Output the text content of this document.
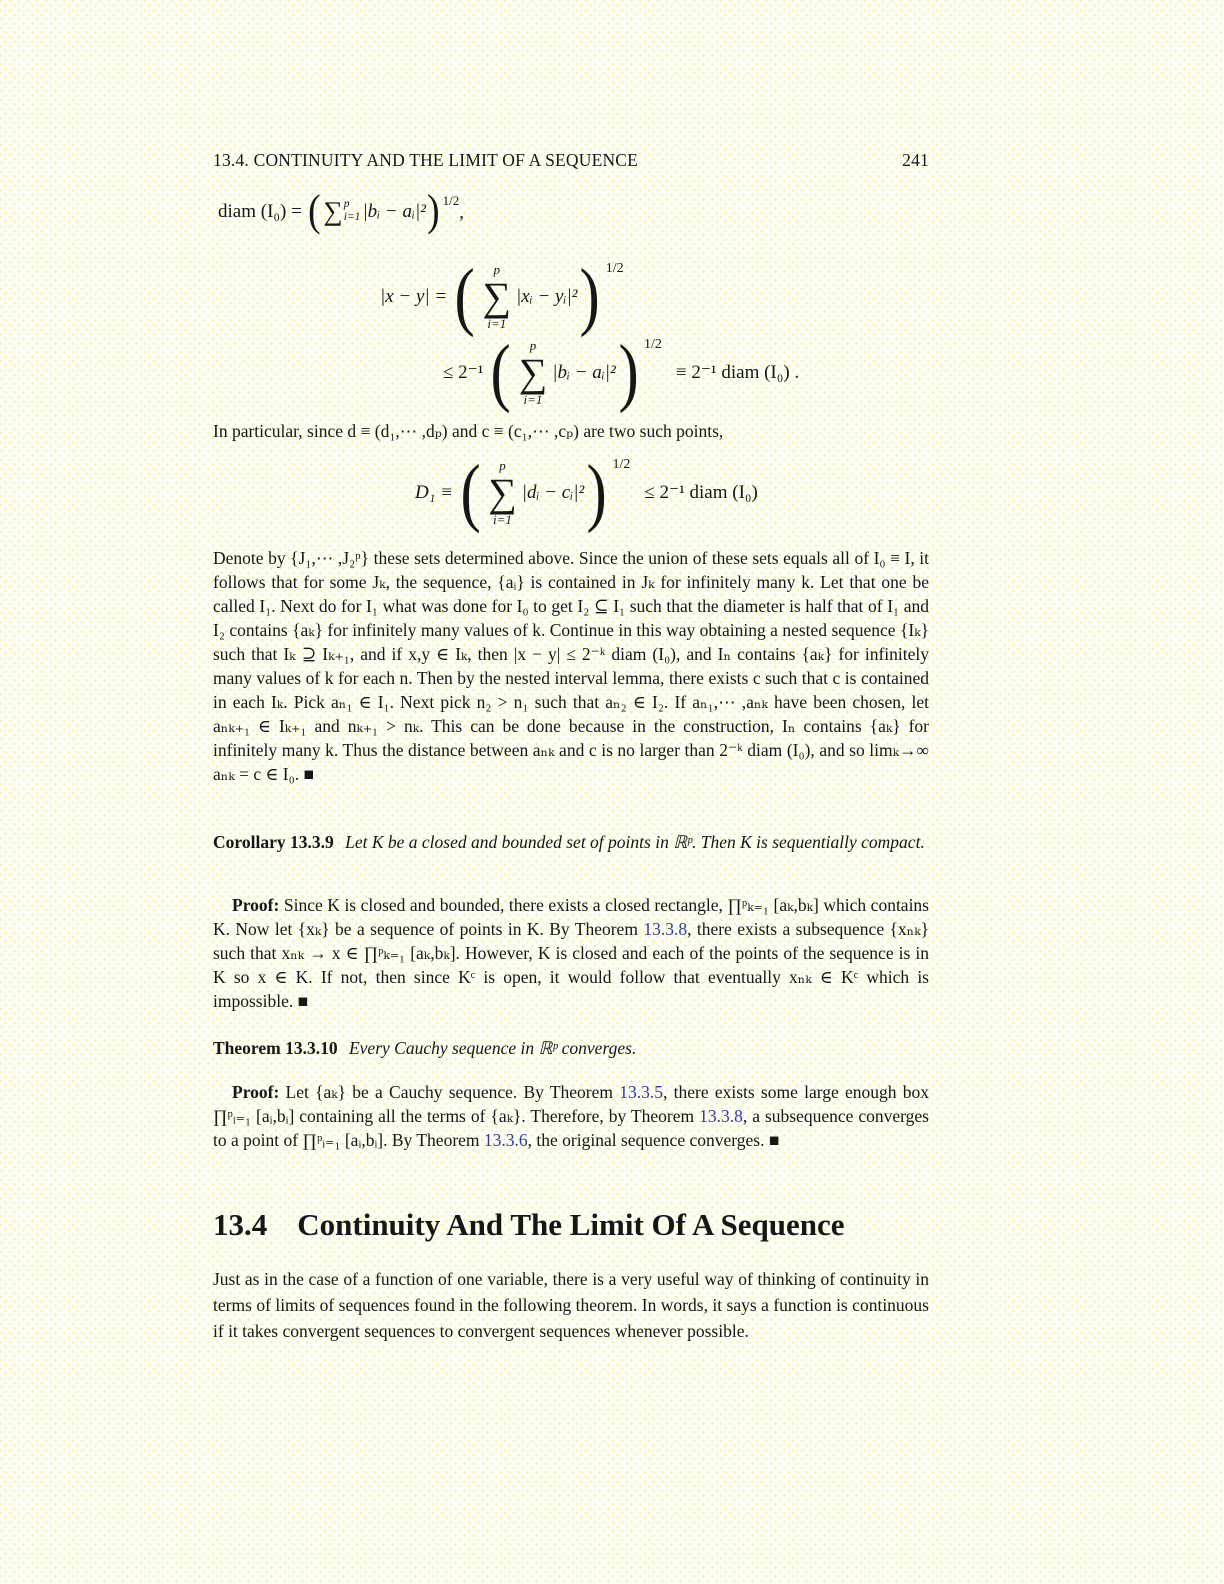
13.4. CONTINUITY AND THE LIMIT OF A SEQUENCE	241
diam (I₀) = ( ∑ p
i=1 |bᵢ − aᵢ|² ) 1/2
,
|x − y| = ( p
∑
i=1
|xᵢ − yᵢ|² ) 1/2
≤ 2⁻¹ ( p
∑
i=1
|bᵢ − aᵢ|² ) 1/2
≡ 2⁻¹ diam (I₀) .
In particular, since d ≡ (d₁,⋯ ,dₚ) and c ≡ (c₁,⋯ ,cₚ) are two such points,
D₁ ≡ ( p
∑
i=1
|dᵢ − cᵢ|² ) 1/2
≤ 2⁻¹ diam (I₀)
Denote by {J₁,⋯ ,J₂ᵖ} these sets determined above. Since the union of these sets equals all of I₀ ≡ I, it follows that for some Jₖ, the sequence, {aᵢ} is contained in Jₖ for infinitely many k. Let that one be called I₁. Next do for I₁ what was done for I₀ to get I₂ ⊆ I₁ such that the diameter is half that of I₁ and I₂ contains {aₖ} for infinitely many values of k. Continue in this way obtaining a nested sequence {Iₖ} such that Iₖ ⊇ Iₖ₊₁, and if x,y ∈ Iₖ, then |x − y| ≤ 2⁻ᵏ diam (I₀), and Iₙ contains {aₖ} for infinitely many values of k for each n. Then by the nested interval lemma, there exists c such that c is contained in each Iₖ. Pick aₙ₁ ∈ I₁. Next pick n₂ > n₁ such that aₙ₂ ∈ I₂. If aₙ₁,⋯ ,aₙₖ have been chosen, let aₙₖ₊₁ ∈ Iₖ₊₁ and nₖ₊₁ > nₖ. This can be done because in the construction, Iₙ contains {aₖ} for infinitely many k. Thus the distance between aₙₖ and c is no larger than 2⁻ᵏ diam (I₀), and so limₖ→∞ aₙₖ = c ∈ I₀. ■
Corollary 13.3.9 Let K be a closed and bounded set of points in ℝᵖ. Then K is sequentially compact.
Proof: Since K is closed and bounded, there exists a closed rectangle, ∏ᵖₖ₌₁ [aₖ,bₖ] which contains K. Now let {xₖ} be a sequence of points in K. By Theorem 13.3.8, there exists a subsequence {xₙₖ} such that xₙₖ → x ∈ ∏ᵖₖ₌₁ [aₖ,bₖ]. However, K is closed and each of the points of the sequence is in K so x ∈ K. If not, then since Kᶜ is open, it would follow that eventually xₙₖ ∈ Kᶜ which is impossible. ■
Theorem 13.3.10 Every Cauchy sequence in ℝᵖ converges.
Proof: Let {aₖ} be a Cauchy sequence. By Theorem 13.3.5, there exists some large enough box ∏ᵖᵢ₌₁ [aᵢ,bᵢ] containing all the terms of {aₖ}. Therefore, by Theorem 13.3.8, a subsequence converges to a point of ∏ᵖᵢ₌₁ [aᵢ,bᵢ]. By Theorem 13.3.6, the original sequence converges. ■
13.4 Continuity And The Limit Of A Sequence
Just as in the case of a function of one variable, there is a very useful way of thinking of continuity in terms of limits of sequences found in the following theorem. In words, it says a function is continuous if it takes convergent sequences to convergent sequences whenever possible.
